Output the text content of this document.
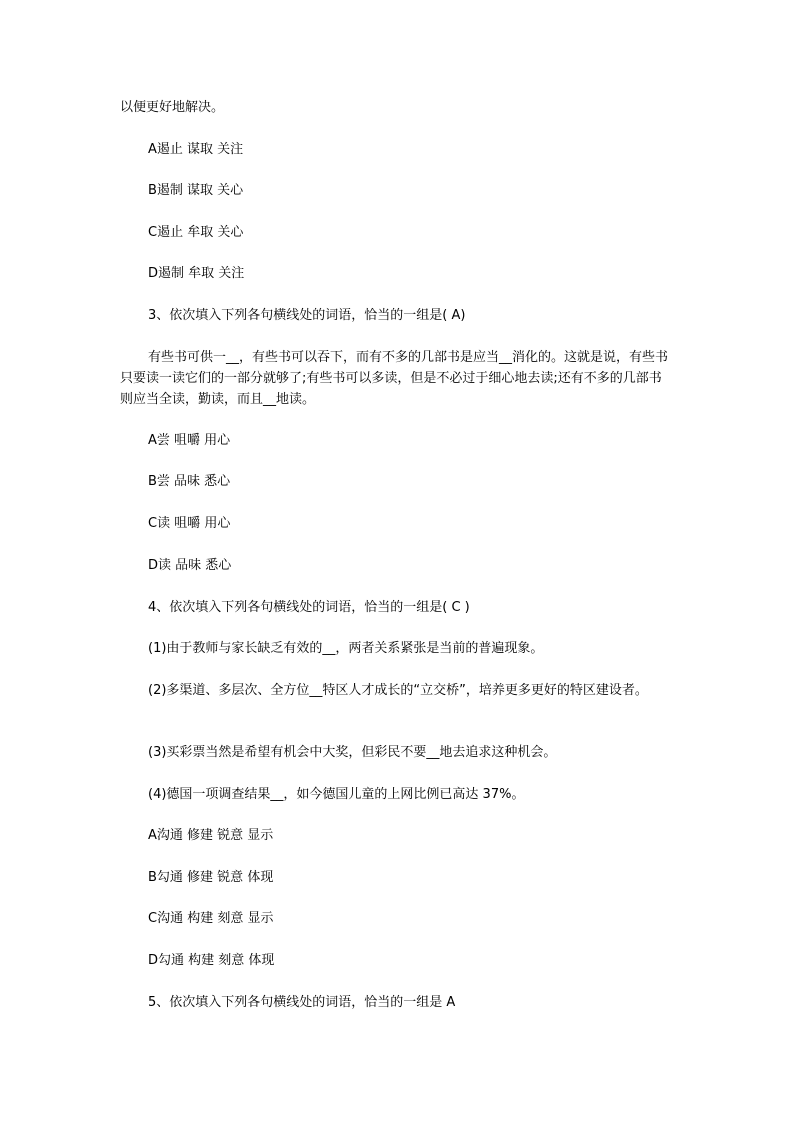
以便更好地解决。

A遏止 谋取 关注

B遏制 谋取 关心

C遏止 牟取 关心

D遏制 牟取 关注

3、依次填入下列各句横线处的词语，恰当的一组是( A)

有些书可供一__，有些书可以吞下，而有不多的几部书是应当__消化的。这就是说，有些书只要读一读它们的一部分就够了;有些书可以多读，但是不必过于细心地去读;还有不多的几部书则应当全读，勤读，而且__地读。

A尝 咀嚼 用心

B尝 品味 悉心

C读 咀嚼 用心

D读 品味 悉心

4、依次填入下列各句横线处的词语，恰当的一组是( C )

(1)由于教师与家长缺乏有效的__，两者关系紧张是当前的普遍现象。

(2)多渠道、多层次、全方位__特区人才成长的“立交桥”，培养更多更好的特区建设者。

(3)买彩票当然是希望有机会中大奖，但彩民不要__地去追求这种机会。

(4)德国一项调查结果__，如今德国儿童的上网比例已高达 37%。

A沟通 修建 锐意 显示

B勾通 修建 锐意 体现

C沟通 构建 刻意 显示

D勾通 构建 刻意 体现

5、依次填入下列各句横线处的词语，恰当的一组是 A
